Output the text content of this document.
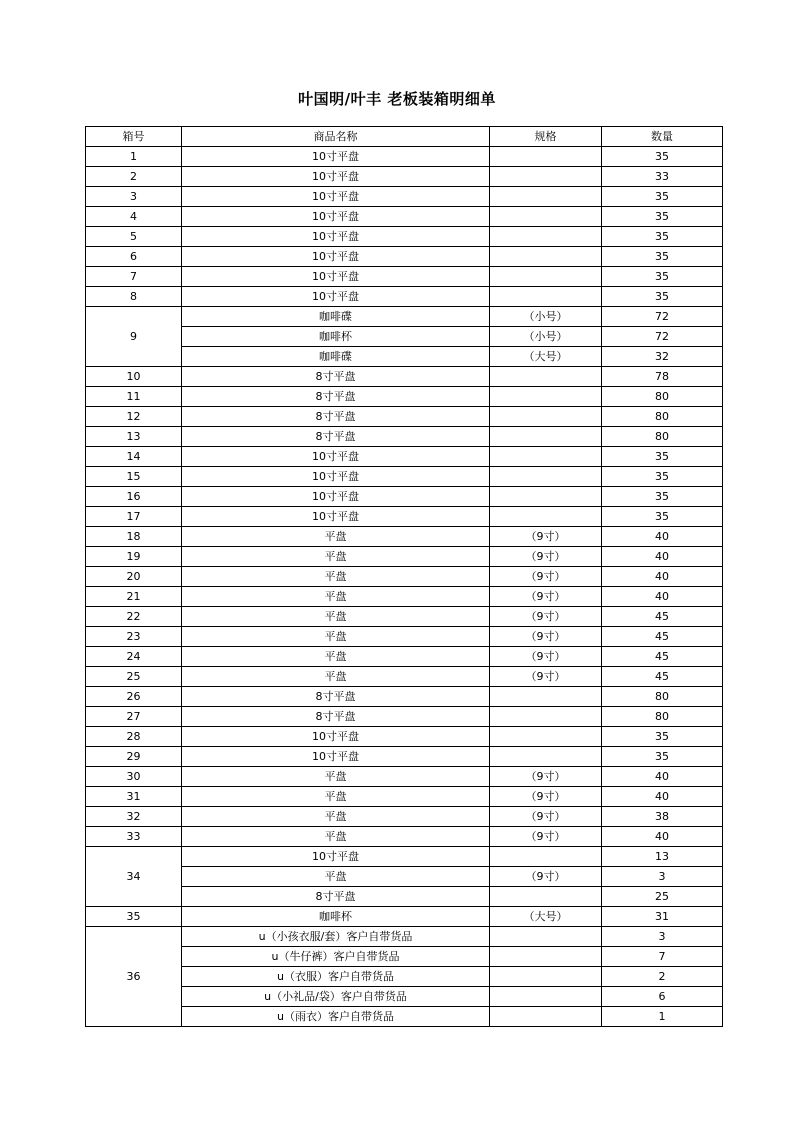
叶国明/叶丰 老板装箱明细单
箱号	商品名称	规格	数量
1	10寸平盘		35
2	10寸平盘		33
3	10寸平盘		35
4	10寸平盘		35
5	10寸平盘		35
6	10寸平盘		35
7	10寸平盘		35
8	10寸平盘		35
9	咖啡碟	（小号）	72
	咖啡杯	（小号）	72
	咖啡碟	（大号）	32
10	8寸平盘		78
11	8寸平盘		80
12	8寸平盘		80
13	8寸平盘		80
14	10寸平盘		35
15	10寸平盘		35
16	10寸平盘		35
17	10寸平盘		35
18	平盘	（9寸）	40
19	平盘	（9寸）	40
20	平盘	（9寸）	40
21	平盘	（9寸）	40
22	平盘	（9寸）	45
23	平盘	（9寸）	45
24	平盘	（9寸）	45
25	平盘	（9寸）	45
26	8寸平盘		80
27	8寸平盘		80
28	10寸平盘		35
29	10寸平盘		35
30	平盘	（9寸）	40
31	平盘	（9寸）	40
32	平盘	（9寸）	38
33	平盘	（9寸）	40
34	10寸平盘		13
	平盘	（9寸）	3
	8寸平盘		25
35	咖啡杯	（大号）	31
36	u（小孩衣服/套）客户自带货品		3
	u（牛仔裤）客户自带货品		7
	u（衣服）客户自带货品		2
	u（小礼品/袋）客户自带货品		6
	u（雨衣）客户自带货品		1
